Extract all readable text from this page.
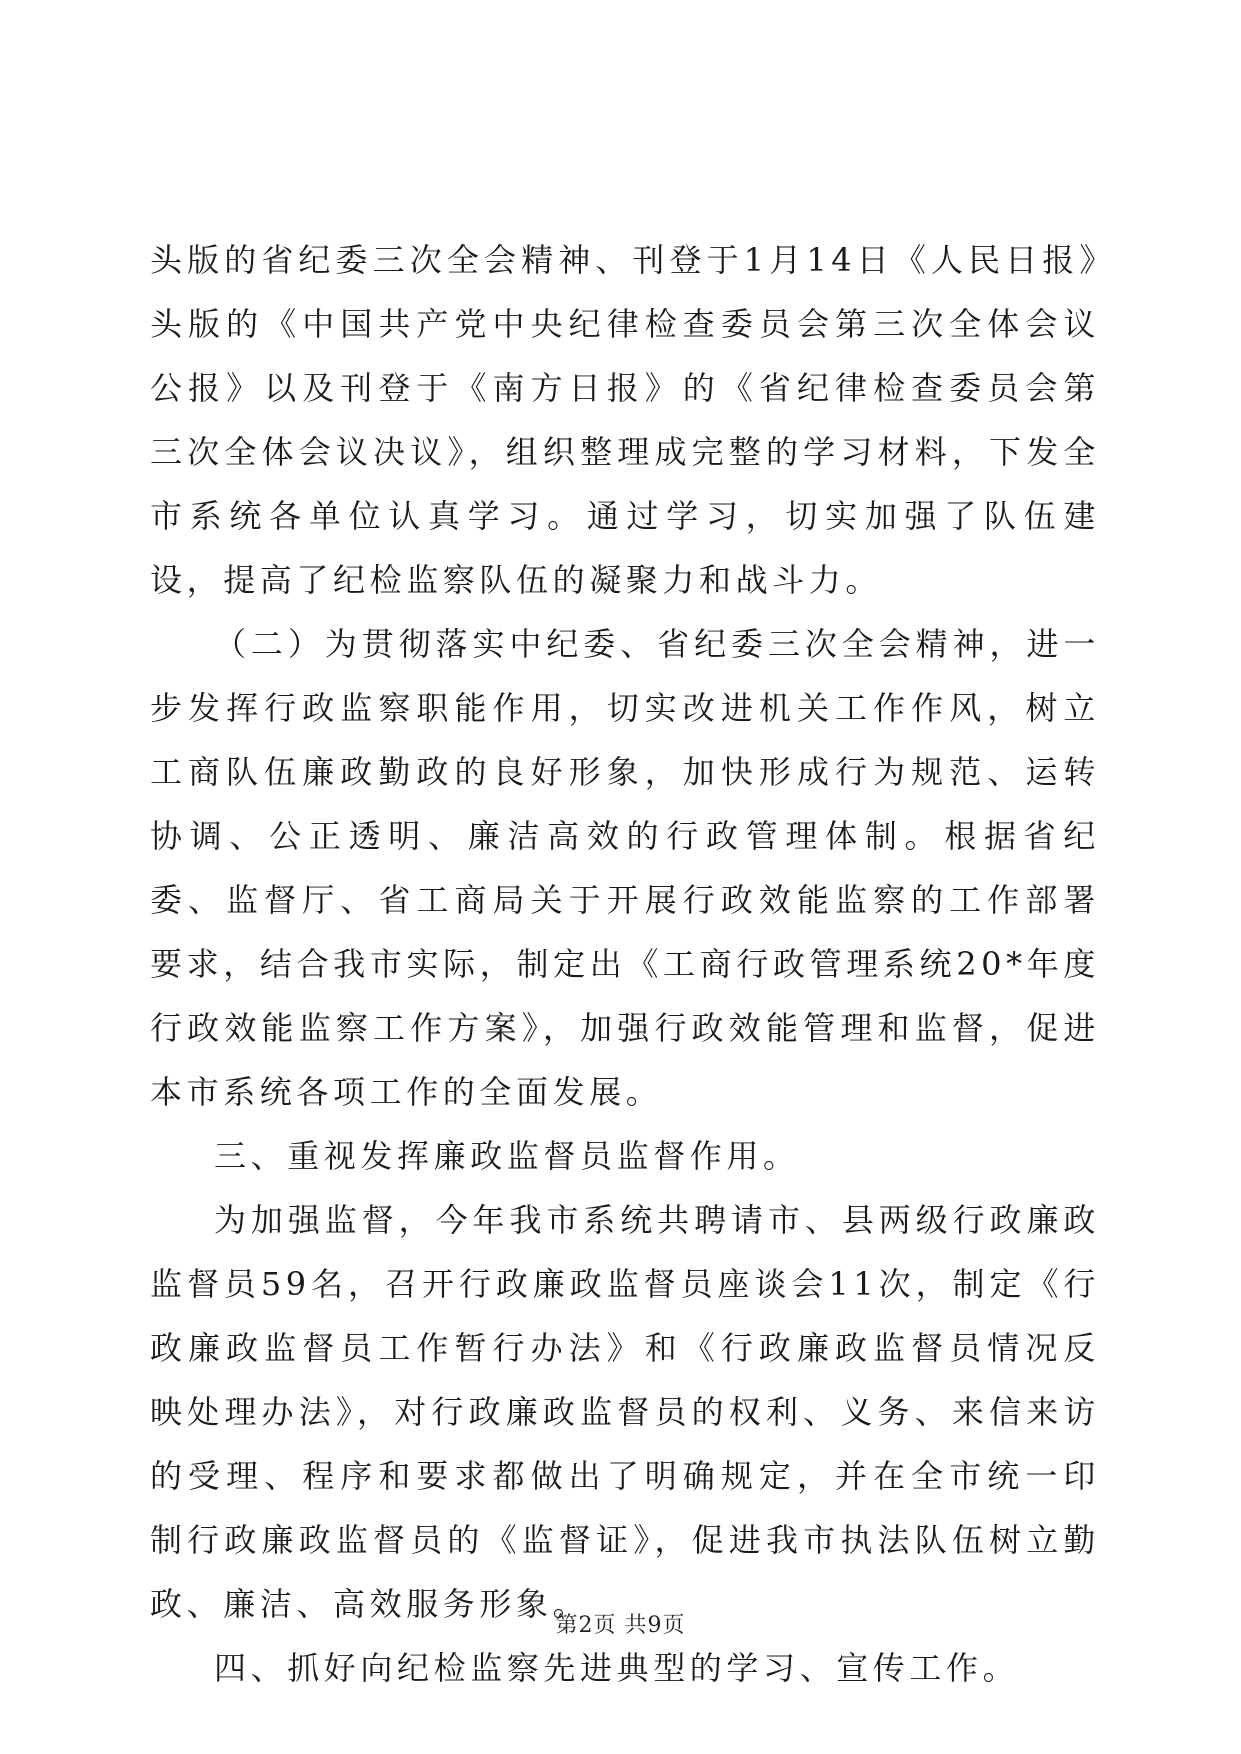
头版的省纪委三次全会精神、刊登于1月14日《人民日报》头版的《中国共产党中央纪律检查委员会第三次全体会议公报》以及刊登于《南方日报》的《省纪律检查委员会第三次全体会议决议》，组织整理成完整的学习材料，下发全市系统各单位认真学习。通过学习，切实加强了队伍建设，提高了纪检监察队伍的凝聚力和战斗力。

（二）为贯彻落实中纪委、省纪委三次全会精神，进一步发挥行政监察职能作用，切实改进机关工作作风，树立工商队伍廉政勤政的良好形象，加快形成行为规范、运转协调、公正透明、廉洁高效的行政管理体制。根据省纪委、监督厅、省工商局关于开展行政效能监察的工作部署要求，结合我市实际，制定出《工商行政管理系统20*年度行政效能监察工作方案》，加强行政效能管理和监督，促进本市系统各项工作的全面发展。

三、重视发挥廉政监督员监督作用。

为加强监督，今年我市系统共聘请市、县两级行政廉政监督员59名，召开行政廉政监督员座谈会11次，制定《行政廉政监督员工作暂行办法》和《行政廉政监督员情况反映处理办法》，对行政廉政监督员的权利、义务、来信来访的受理、程序和要求都做出了明确规定，并在全市统一印制行政廉政监督员的《监督证》，促进我市执法队伍树立勤政、廉洁、高效服务形象。

四、抓好向纪检监察先进典型的学习、宣传工作。

第2页 共9页
